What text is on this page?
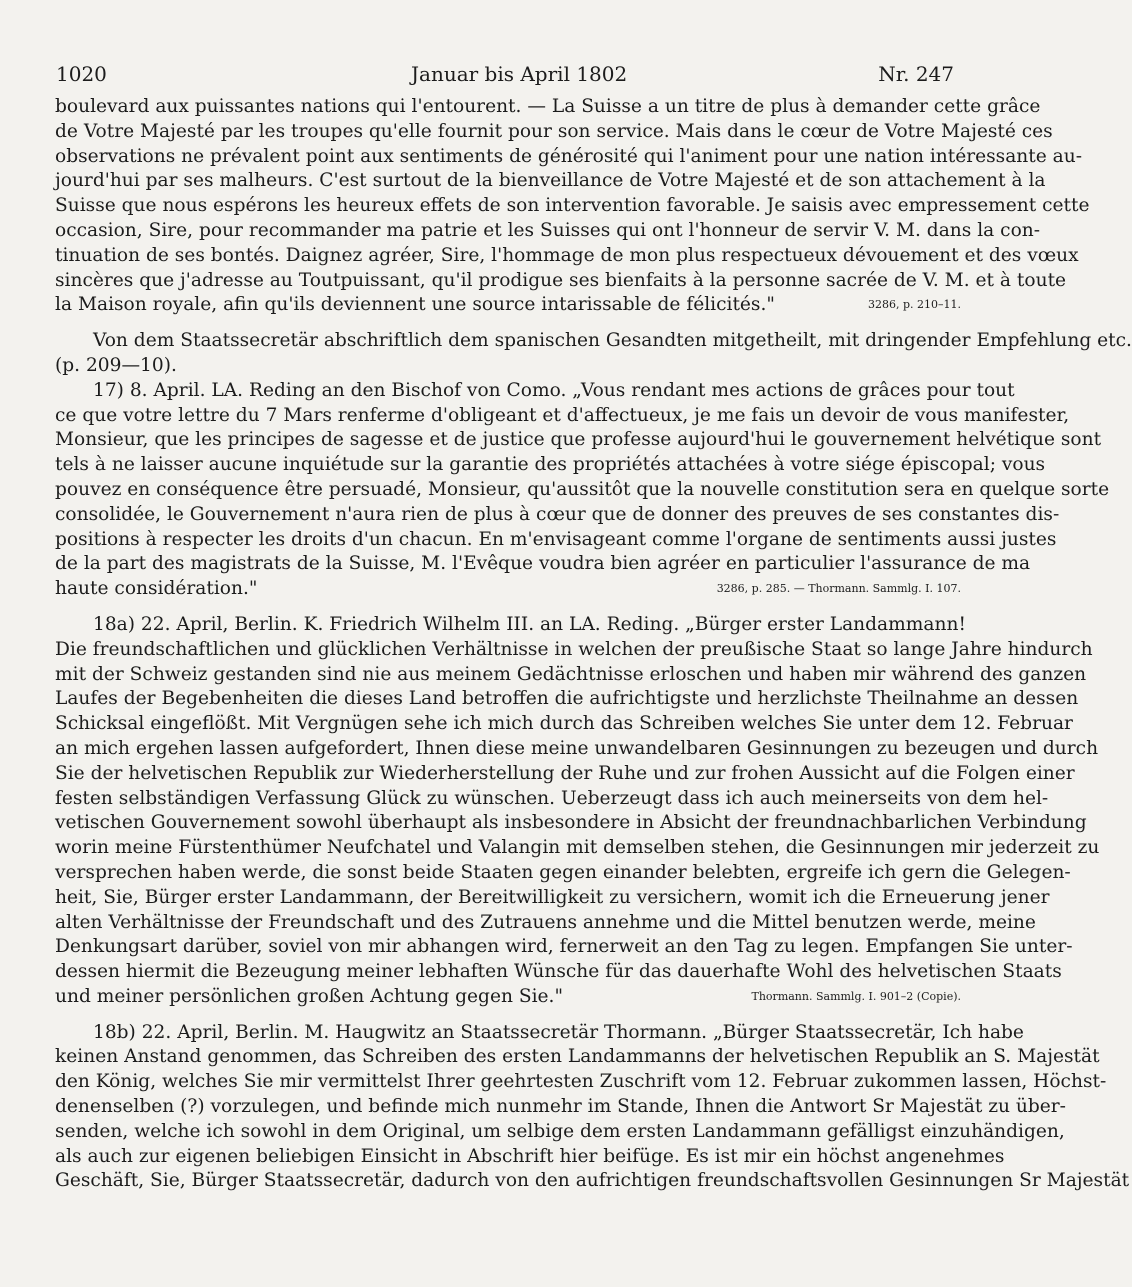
1020	Januar bis April 1802	Nr. 247
boulevard aux puissantes nations qui l'entourent. — La Suisse a un titre de plus à demander cette grâce
de Votre Majesté par les troupes qu'elle fournit pour son service. Mais dans le cœur de Votre Majesté ces
observations ne prévalent point aux sentiments de générosité qui l'animent pour une nation intéressante au-
jourd'hui par ses malheurs. C'est surtout de la bienveillance de Votre Majesté et de son attachement à la
Suisse que nous espérons les heureux effets de son intervention favorable. Je saisis avec empressement cette
occasion, Sire, pour recommander ma patrie et les Suisses qui ont l'honneur de servir V. M. dans la con-
tinuation de ses bontés. Daignez agréer, Sire, l'hommage de mon plus respectueux dévouement et des vœux
sincères que j'adresse au Toutpuissant, qu'il prodigue ses bienfaits à la personne sacrée de V. M. et à toute
3286, p. 210–11.
la Maison royale, afin qu'ils deviennent une source intarissable de félicités."
Von dem Staatssecretär abschriftlich dem spanischen Gesandten mitgetheilt, mit dringender Empfehlung etc.
(p. 209—10).
17) 8. April. LA. Reding an den Bischof von Como. „Vous rendant mes actions de grâces pour tout
ce que votre lettre du 7 Mars renferme d'obligeant et d'affectueux, je me fais un devoir de vous manifester,
Monsieur, que les principes de sagesse et de justice que professe aujourd'hui le gouvernement helvétique sont
tels à ne laisser aucune inquiétude sur la garantie des propriétés attachées à votre siége épiscopal; vous
pouvez en conséquence être persuadé, Monsieur, qu'aussitôt que la nouvelle constitution sera en quelque sorte
consolidée, le Gouvernement n'aura rien de plus à cœur que de donner des preuves de ses constantes dis-
positions à respecter les droits d'un chacun. En m'envisageant comme l'organe de sentiments aussi justes
de la part des magistrats de la Suisse, M. l'Evêque voudra bien agréer en particulier l'assurance de ma
3286, p. 285. — Thormann. Sammlg. I. 107.
haute considération."
18a) 22. April, Berlin. K. Friedrich Wilhelm III. an LA. Reding. „Bürger erster Landammann!
Die freundschaftlichen und glücklichen Verhältnisse in welchen der preußische Staat so lange Jahre hindurch
mit der Schweiz gestanden sind nie aus meinem Gedächtnisse erloschen und haben mir während des ganzen
Laufes der Begebenheiten die dieses Land betroffen die aufrichtigste und herzlichste Theilnahme an dessen
Schicksal eingeflößt. Mit Vergnügen sehe ich mich durch das Schreiben welches Sie unter dem 12. Februar
an mich ergehen lassen aufgefordert, Ihnen diese meine unwandelbaren Gesinnungen zu bezeugen und durch
Sie der helvetischen Republik zur Wiederherstellung der Ruhe und zur frohen Aussicht auf die Folgen einer
festen selbständigen Verfassung Glück zu wünschen. Ueberzeugt dass ich auch meinerseits von dem hel-
vetischen Gouvernement sowohl überhaupt als insbesondere in Absicht der freundnachbarlichen Verbindung
worin meine Fürstenthümer Neufchatel und Valangin mit demselben stehen, die Gesinnungen mir jederzeit zu
versprechen haben werde, die sonst beide Staaten gegen einander belebten, ergreife ich gern die Gelegen-
heit, Sie, Bürger erster Landammann, der Bereitwilligkeit zu versichern, womit ich die Erneuerung jener
alten Verhältnisse der Freundschaft und des Zutrauens annehme und die Mittel benutzen werde, meine
Denkungsart darüber, soviel von mir abhangen wird, fernerweit an den Tag zu legen. Empfangen Sie unter-
dessen hiermit die Bezeugung meiner lebhaften Wünsche für das dauerhafte Wohl des helvetischen Staats
Thormann. Sammlg. I. 901–2 (Copie).
und meiner persönlichen großen Achtung gegen Sie."
18b) 22. April, Berlin. M. Haugwitz an Staatssecretär Thormann. „Bürger Staatssecretär, Ich habe
keinen Anstand genommen, das Schreiben des ersten Landammanns der helvetischen Republik an S. Majestät
den König, welches Sie mir vermittelst Ihrer geehrtesten Zuschrift vom 12. Februar zukommen lassen, Höchst-
denenselben (?) vorzulegen, und befinde mich nunmehr im Stande, Ihnen die Antwort Sr Majestät zu über-
senden, welche ich sowohl in dem Original, um selbige dem ersten Landammann gefälligst einzuhändigen,
als auch zur eigenen beliebigen Einsicht in Abschrift hier beifüge. Es ist mir ein höchst angenehmes
Geschäft, Sie, Bürger Staatssecretär, dadurch von den aufrichtigen freundschaftsvollen Gesinnungen Sr Majestät
